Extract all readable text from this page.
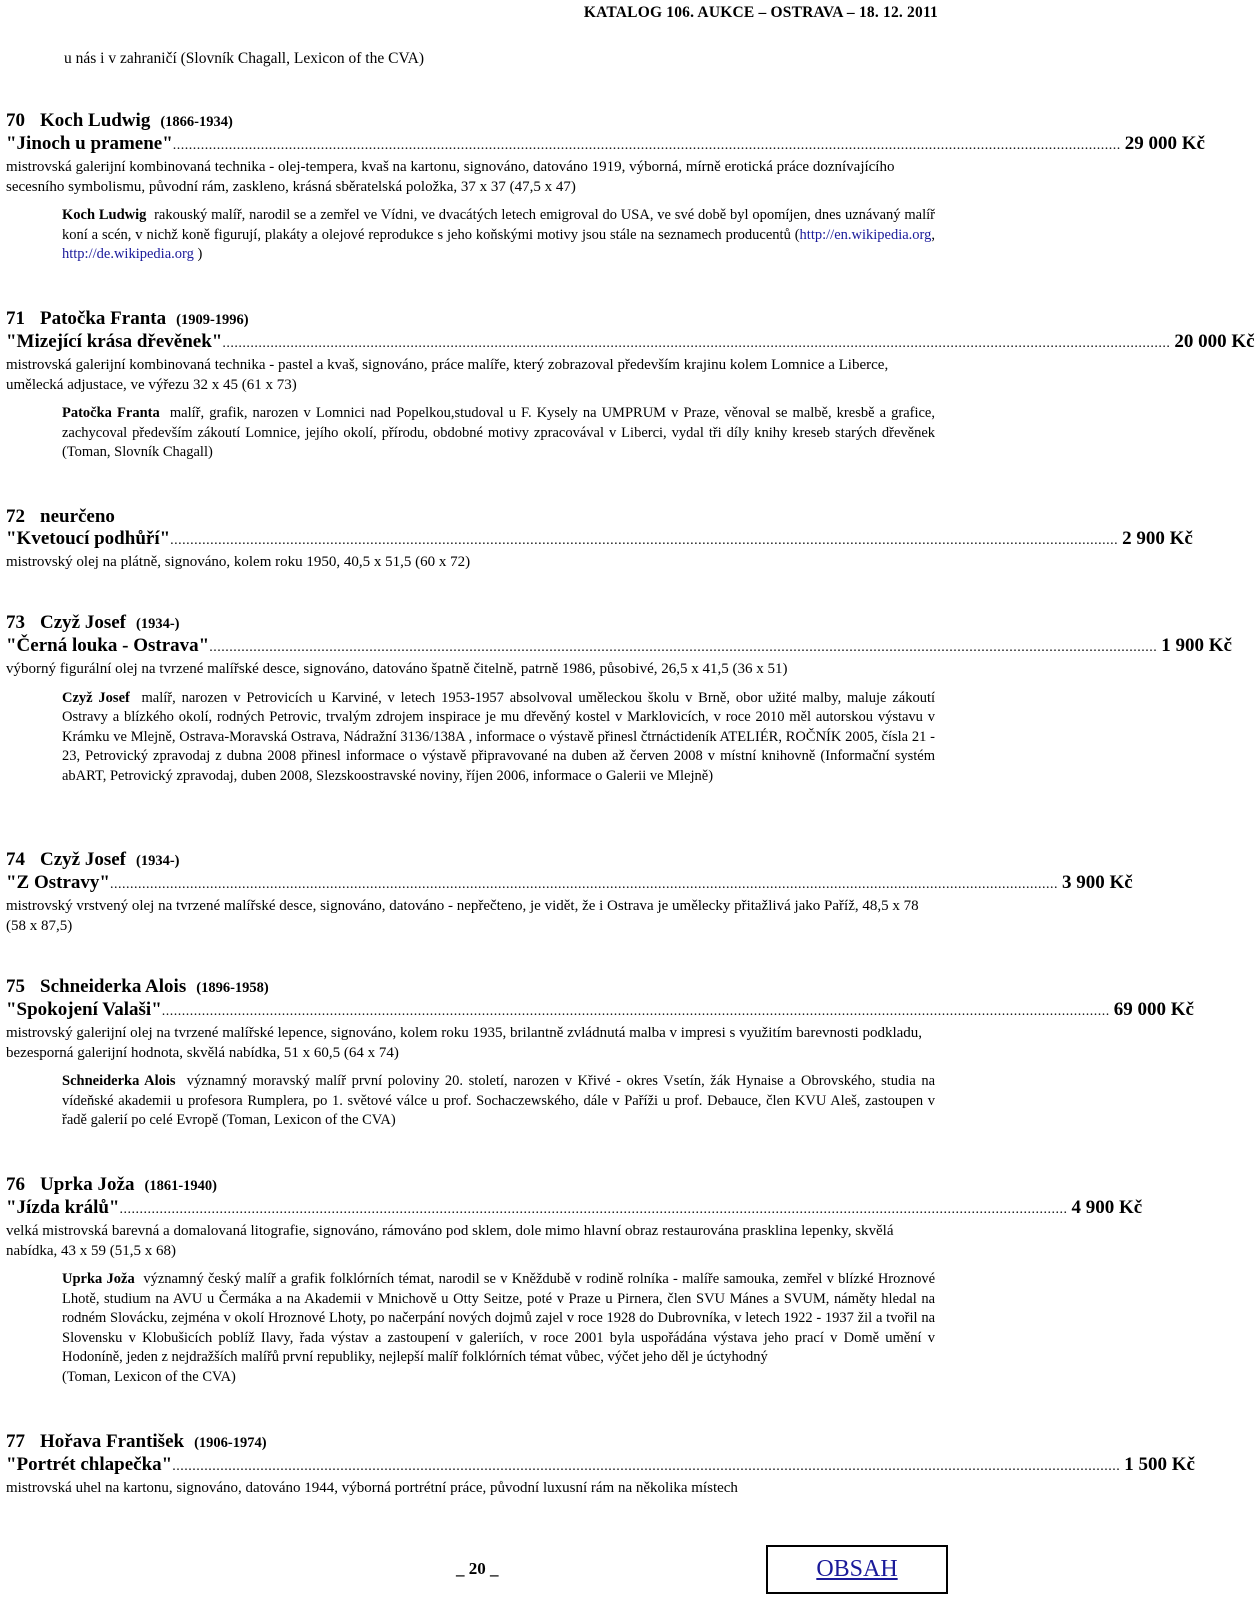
KATALOG 106. AUKCE – OSTRAVA – 18. 12. 2011
u nás i v zahraničí (Slovník Chagall, Lexicon of the CVA)
70 Koch Ludwig (1866-1934)
"Jinoch u pramene" ............................................................................................................................................................................................................................................. 29 000 Kč
mistrovská galerijní kombinovaná technika - olej-tempera, kvaš na kartonu, signováno, datováno 1919, výborná, mírně erotická práce doznívajícího secesního symbolismu, původní rám, zaskleno, krásná sběratelská položka, 37 x 37 (47,5 x 47)
Koch Ludwig rakouský malíř, narodil se a zemřel ve Vídni, ve dvacátých letech emigroval do USA, ve své době byl opomíjen, dnes uznávaný malíř koní a scén, v nichž koně figurují, plakáty a olejové reprodukce s jeho koňskými motivy jsou stále na seznamech producentů (http://en.wikipedia.org, http://de.wikipedia.org )
71 Patočka Franta (1909-1996)
"Mizející krása dřevěnek" ............................................................................................................................................................................................................................................. 20 000 Kč
mistrovská galerijní kombinovaná technika - pastel a kvaš, signováno, práce malíře, který zobrazoval především krajinu kolem Lomnice a Liberce, umělecká adjustace, ve výřezu 32 x 45 (61 x 73)
Patočka Franta malíř, grafik, narozen v Lomnici nad Popelkou,studoval u F. Kysely na UMPRUM v Praze, věnoval se malbě, kresbě a grafice, zachycoval především zákoutí Lomnice, jejího okolí, přírodu, obdobné motivy zpracovával v Liberci, vydal tři díly knihy kreseb starých dřevěnek (Toman, Slovník Chagall)
72 neurčeno
"Kvetoucí podhůří" ............................................................................................................................................................................................................................................. 2 900 Kč
mistrovský olej na plátně, signováno, kolem roku 1950, 40,5 x 51,5 (60 x 72)
73 Czyž Josef (1934-)
"Černá louka - Ostrava" ............................................................................................................................................................................................................................................. 1 900 Kč
výborný figurální olej na tvrzené malířské desce, signováno, datováno špatně čitelně, patrně 1986, působivé, 26,5 x 41,5 (36 x 51)
Czyž Josef malíř, narozen v Petrovicích u Karviné, v letech 1953-1957 absolvoval uměleckou školu v Brně, obor užité malby, maluje zákoutí Ostravy a blízkého okolí, rodných Petrovic, trvalým zdrojem inspirace je mu dřevěný kostel v Marklovicích, v roce 2010 měl autorskou výstavu v Krámku ve Mlejně, Ostrava-Moravská Ostrava, Nádražní 3136/138A , informace o výstavě přinesl čtrnáctideník ATELIÉR, ROČNÍK 2005, čísla 21 - 23, Petrovický zpravodaj z dubna 2008 přinesl informace o výstavě připravované na duben až červen 2008 v místní knihovně (Informační systém abART, Petrovický zpravodaj, duben 2008, Slezskoostravské noviny, říjen 2006, informace o Galerii ve Mlejně)
74 Czyž Josef (1934-)
"Z Ostravy" ............................................................................................................................................................................................................................................. 3 900 Kč
mistrovský vrstvený olej na tvrzené malířské desce, signováno, datováno - nepřečteno, je vidět, že i Ostrava je umělecky přitažlivá jako Paříž, 48,5 x 78 (58 x 87,5)
75 Schneiderka Alois (1896-1958)
"Spokojení Valaši" ............................................................................................................................................................................................................................................. 69 000 Kč
mistrovský galerijní olej na tvrzené malířské lepence, signováno, kolem roku 1935, brilantně zvládnutá malba v impresi s využitím barevnosti podkladu, bezesporná galerijní hodnota, skvělá nabídka, 51 x 60,5 (64 x 74)
Schneiderka Alois významný moravský malíř první poloviny 20. století, narozen v Křivé - okres Vsetín, žák Hynaise a Obrovského, studia na vídeňské akademii u profesora Rumplera, po 1. světové válce u prof. Sochaczewského, dále v Paříži u prof. Debauce, člen KVU Aleš, zastoupen v řadě galerií po celé Evropě (Toman, Lexicon of the CVA)
76 Uprka Joža (1861-1940)
"Jízda králů" ............................................................................................................................................................................................................................................. 4 900 Kč
velká mistrovská barevná a domalovaná litografie, signováno, rámováno pod sklem, dole mimo hlavní obraz restaurována prasklina lepenky, skvělá nabídka, 43 x 59 (51,5 x 68)
Uprka Joža významný český malíř a grafik folklórních témat, narodil se v Kněždubě v rodině rolníka - malíře samouka, zemřel v blízké Hroznové Lhotě, studium na AVU u Čermáka a na Akademii v Mnichově u Otty Seitze, poté v Praze u Pirnera, člen SVU Mánes a SVUM, náměty hledal na rodném Slovácku, zejména v okolí Hroznové Lhoty, po načerpání nových dojmů zajel v roce 1928 do Dubrovníka, v letech 1922 - 1937 žil a tvořil na Slovensku v Klobušicích poblíž Ilavy, řada výstav a zastoupení v galeriích, v roce 2001 byla uspořádána výstava jeho prací v Domě umění v Hodoníně, jeden z nejdražších malířů první republiky, nejlepší malíř folklórních témat vůbec, výčet jeho děl je úctyhodný
(Toman, Lexicon of the CVA)
77 Hořava František (1906-1974)
"Portrét chlapečka" ............................................................................................................................................................................................................................................. 1 500 Kč
mistrovská uhel na kartonu, signováno, datováno 1944, výborná portrétní práce, původní luxusní rám na několika místech
_ 20 _	OBSAH
